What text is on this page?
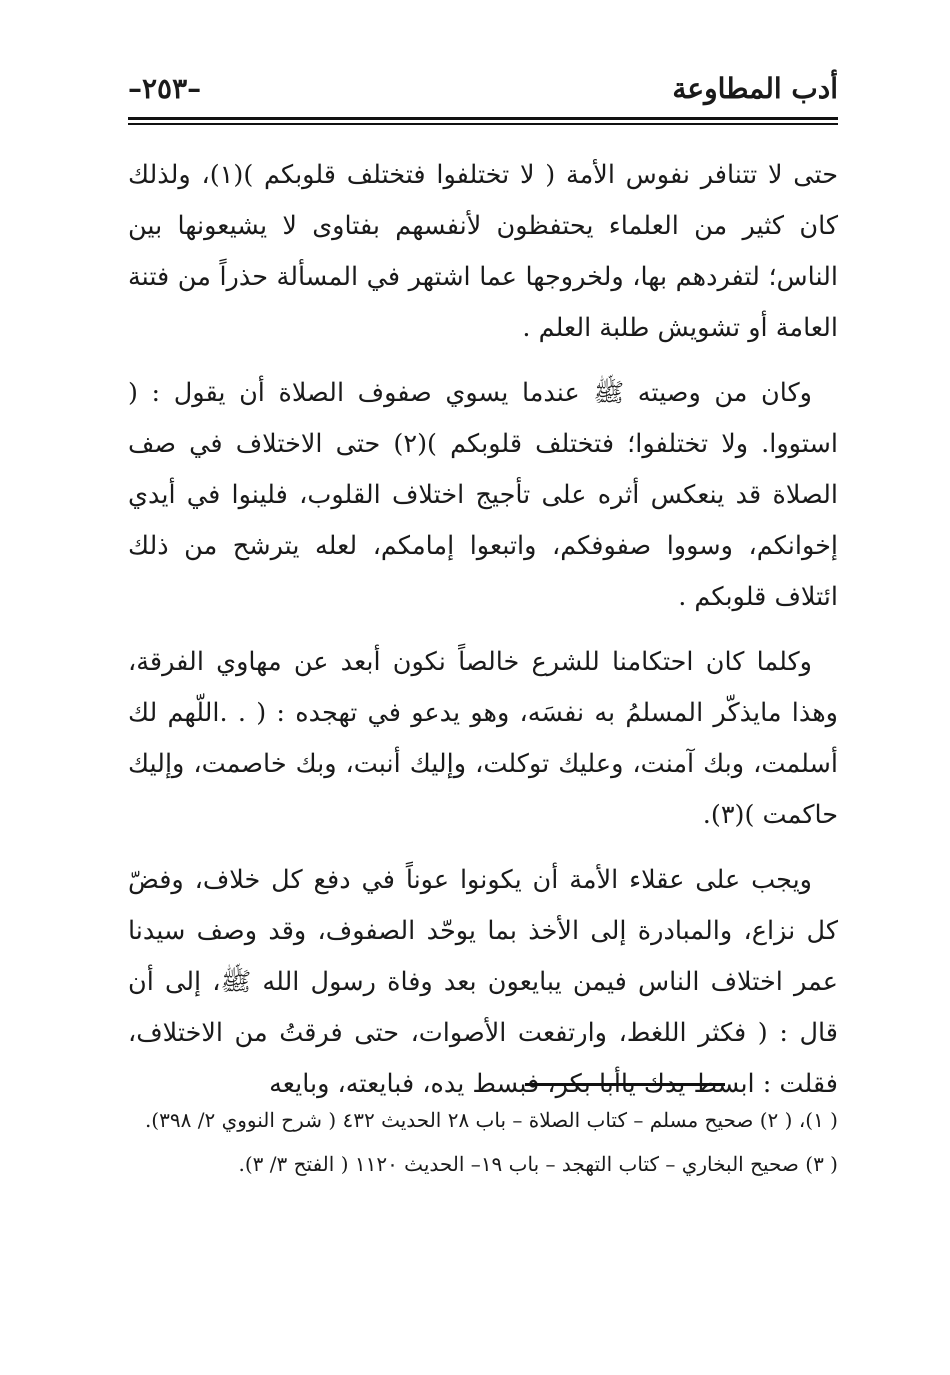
أدب المطاوعة
–٢٥٣–

حتى لا تتنافر نفوس الأمة ( لا تختلفوا فتختلف قلوبكم )(١)، ولذلك كان كثير من العلماء يحتفظون لأنفسهم بفتاوى لا يشيعونها بين الناس؛ لتفردهم بها، ولخروجها عما اشتهر في المسألة حذراً من فتنة العامة أو تشويش طلبة العلم .

وكان من وصيته ﷺ عندما يسوي صفوف الصلاة أن يقول : ( استووا. ولا تختلفوا؛ فتختلف قلوبكم )(٢) حتى الاختلاف في صف الصلاة قد ينعكس أثره على تأجيج اختلاف القلوب، فلينوا في أيدي إخوانكم، وسووا صفوفكم، واتبعوا إمامكم، لعله يترشح من ذلك ائتلاف قلوبكم .

وكلما كان احتكامنا للشرع خالصاً نكون أبعد عن مهاوي الفرقة، وهذا مايذكّر المسلمُ به نفسَه، وهو يدعو في تهجده : ( . .اللّهم لك أسلمت، وبك آمنت، وعليك توكلت، وإليك أنبت، وبك خاصمت، وإليك حاكمت )(٣).

ويجب على عقلاء الأمة أن يكونوا عوناً في دفع كل خلاف، وفضّ كل نزاع، والمبادرة إلى الأخذ بما يوحّد الصفوف، وقد وصف سيدنا عمر اختلاف الناس فيمن يبايعون بعد وفاة رسول الله ﷺ، إلى أن قال : ( فكثر اللغط، وارتفعت الأصوات، حتى فرقتُ من الاختلاف، فقلت : ابسط يدك ياأبا بكر، فبسط يده، فبايعته، وبايعه

( ١)، ( ٢) صحيح مسلم – كتاب الصلاة – باب ٢٨ الحديث ٤٣٢ ( شرح النووي ٢/ ٣٩٨).

( ٣) صحيح البخاري – كتاب التهجد – باب ١٩– الحديث ١١٢٠ ( الفتح ٣/ ٣).
